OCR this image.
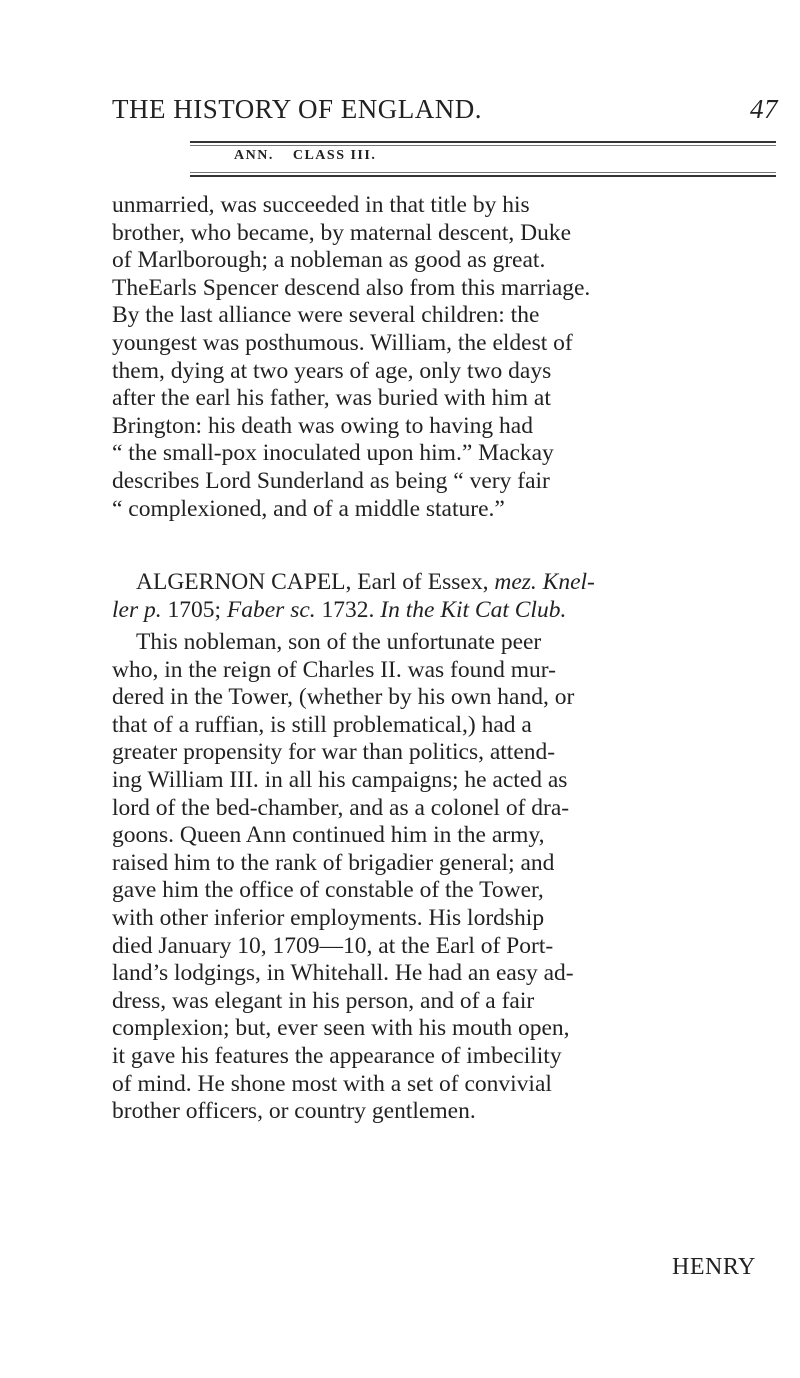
THE HISTORY OF ENGLAND.	47
ANN. CLASS III.
unmarried, was succeeded in that title by his
brother, who became, by maternal descent, Duke
of Marlborough; a nobleman as good as great.
TheEarls Spencer descend also from this marriage.
By the last alliance were several children: the
youngest was posthumous. William, the eldest of
them, dying at two years of age, only two days
after the earl his father, was buried with him at
Brington: his death was owing to having had
“ the small-pox inoculated upon him.” Mackay
describes Lord Sunderland as being “ very fair
“ complexioned, and of a middle stature.”
ALGERNON CAPEL, Earl of Essex, mez. Knel-
ler p. 1705; Faber sc. 1732. In the Kit Cat Club.
This nobleman, son of the unfortunate peer
who, in the reign of Charles II. was found mur-
dered in the Tower, (whether by his own hand, or
that of a ruffian, is still problematical,) had a
greater propensity for war than politics, attend-
ing William III. in all his campaigns; he acted as
lord of the bed-chamber, and as a colonel of dra-
goons. Queen Ann continued him in the army,
raised him to the rank of brigadier general; and
gave him the office of constable of the Tower,
with other inferior employments. His lordship
died January 10, 1709—10, at the Earl of Port-
land’s lodgings, in Whitehall. He had an easy ad-
dress, was elegant in his person, and of a fair
complexion; but, ever seen with his mouth open,
it gave his features the appearance of imbecility
of mind. He shone most with a set of convivial
brother officers, or country gentlemen.
HENRY
